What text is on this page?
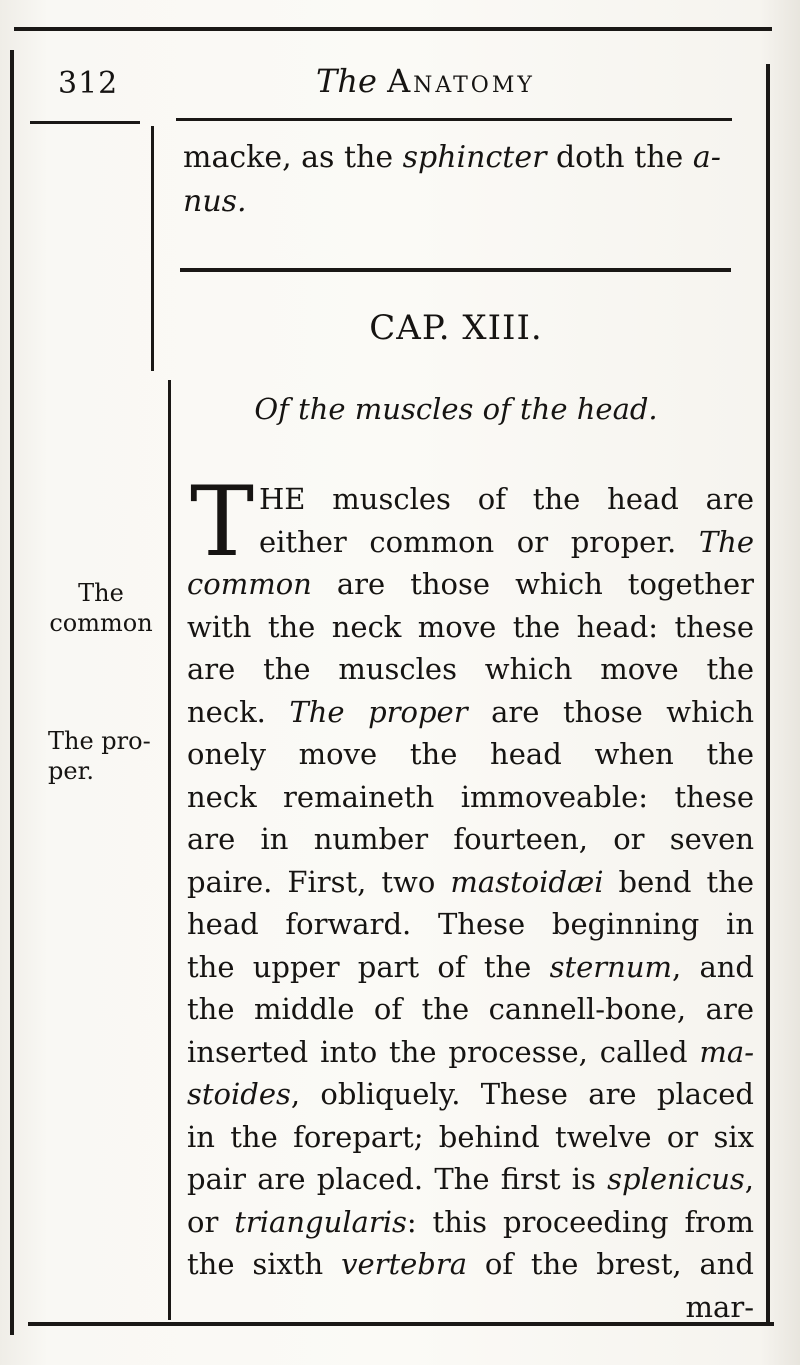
312	The Anatomy
macke, as the sphincter doth the a-
nus.
CAP. XIII.
Of the muscles of the head.
The
common
The pro-
per.
T HE muscles of the head are
either common or proper. The
common are those which together
with the neck move the head: these
are the muscles which move the
neck. The proper are those which
onely move the head when the
neck remaineth immoveable: these
are in number fourteen, or seven
paire. First, two mastoidæi bend the
head forward. These beginning in
the upper part of the sternum, and
the middle of the cannell-bone, are
inserted into the processe, called ma-
stoides, obliquely. These are placed
in the forepart; behind twelve or six
pair are placed. The first is splenicus,
or triangularis: this proceeding from
the sixth vertebra of the brest, and
mar-
